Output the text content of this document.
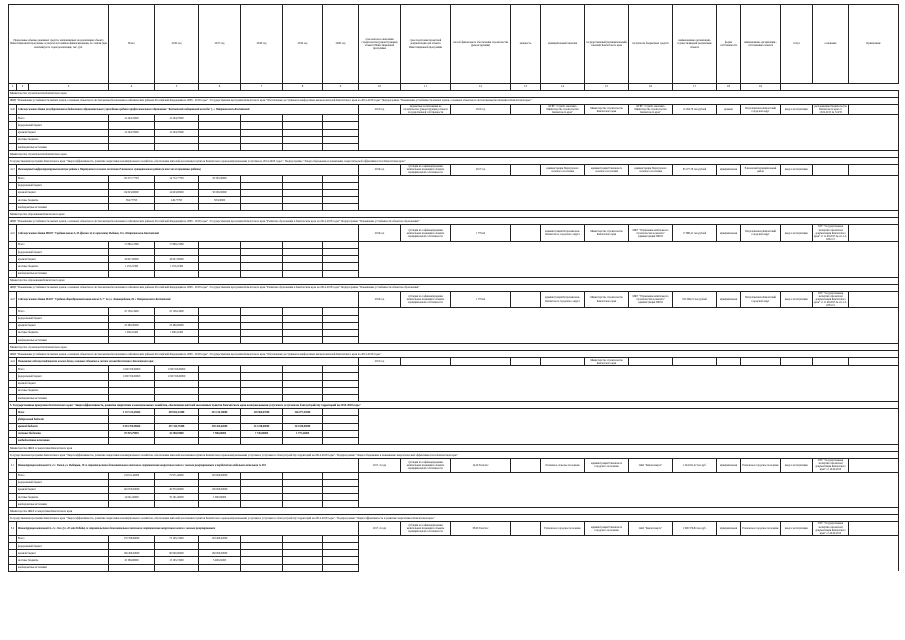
Предельные объемы денежных средств, направляемых на реализацию объекта Инвестиционной программы, в разрезе источников финансирования, по этапам (при наличии) и по годам реализации, тыс. руб.			Всего	2016 год	2017 год	2018 год	2019 год	2020 год	срок начала и окончания строительства (реконструкции) объекта Инвестиционной программы	срок подготовки проектной документации для объекта Инвестиционной программы	способ финансового обеспечения строительства (реконструкции)	мощность	муниципальный заказчик	государственный (муниципальный) заказчик Камчатского края	получатель бюджетных средств	наименование организации, осуществляющей реализацию объекта	форма собственности	наименование организации - собственника объекта	статус	основание	Примечание
1	2	3	4	5	6	7	8	9	10	11	12	13	14	15	16	17	18	19			
Министерство строительства Камчатского края																					
ФЦП "Повышение устойчивости жилых домов, основных объектов и систем жизнеобеспечения в сейсмических районах Российской Федерации на 2009 - 2018 годы" / Государственная программа Камчатского края "Обеспечение доступным и комфортным жильем жителей Камчатского края на 2014-2018 годы" Подпрограмма "Повышение устойчивости жилых домов, основных объектов и систем жизнеобеспечения в Камчатском крае"																					
4.20	Сейсмоусиление здания (государственного бюджетного образовательного учреждения среднего профессионального образования "Камчатский медицинский колледж"), г. Петропавловск-Камчатский								2015 год	бюджетные ассигнования на строительство (реконструкцию) объекта государственной собственности	2015 год		КГБУ "Служба заказчика Министерства строительства Камчатского края"	Министерство строительства Камчатского края	КГБУ "Служба заказчика Министерства строительства Камчатского края"	12 204,70 тыс.рублей	краевая	Петропавловск-Камчатский городской округ	ввод в эксплуатацию	распоряжение Правительства Камчатского края от 13.02.2015 № 72-РП	
	Всего		12 204,70000	12 204,70000																	
	федеральный бюджет																				
	краевой бюджет		12 204,70000	12 204,70000																	
	местные бюджеты																				
	внебюджетные источники																				
Министерство строительства Камчатского края																					
Государственная программа Камчатского края "Энергоэффективность, развитие энергетики и коммунального хозяйства, обеспечение жителей населенных пунктов Камчатского края коммунальными услугами на 2014-2018 годы" / Подпрограмма "Энергосбережение и повышение энергетической эффективности в Камчатском крае"																					
4.21	Инженерный инфраструктурный комплекс района в Паратунском сельском поселении Елизовского муниципального района (в том числе проектные работы)								2016 год	субсидия на софинансирование капитальных вложений в объекты муниципальной собственности	2017 год		администрация Паратунского сельского поселения	администрация Елизовского сельского поселения	администрация Паратунского сельского поселения	65 277,79 тыс.рублей	муниципальная	Елизовский муниципальный район	ввод в эксплуатацию		
	Всего		65 277,77793	14 772,77793	50 505,00000																
	федеральный бюджет																				
	краевой бюджет		64 623,00000	14 623,00000	50 000,00000																
	местные бюджеты		654,77793	149,77793	505,00000																
	внебюджетные источники																				
Министерство образования Камчатского края																					
ФЦП "Повышение устойчивости жилых домов, основных объектов и систем жизнеобеспечения в сейсмических районах Российской Федерации на 2009 - 2018 годы" / Государственная программа Камчатского края "Развитие образования в Камчатском крае на 2014-2018 годы" Подпрограмма "Повышение устойчивости объектов образования"																					
4.22	Сейсмоусиление здания МБОУ "Средняя школа № 33 (филиал 2) по проспекту Рыбаков, 16 г. Петропавловск-Камчатский								2016 год	субсидия на софинансирование капитальных вложений в объекты муниципальной собственности	1 779 м2		администрация Петропавловск-Камчатского городского округа	Министерство строительства Камчатского края	МКУ "Управление капитального строительства и ремонта" администрации ПКГО	17 880,21 тыс.рублей	муниципальная	Петропавловск-Камчатский городской округ	ввод в эксплуатацию	ГЛУ "Государственная экспертиза проектной документации Камчатского края" от 11.09.2015 № 41-1-5-0232-15	
	Всего		17 880,21380	17 880,21380																	
	федеральный бюджет																				
	краевой бюджет		16 627,00000	16 627,00000																	
	местные бюджеты		1 253,21380	1 253,21380																	
	внебюджетные источники																				
Министерство образования Камчатского края																					
ФЦП "Повышение устойчивости жилых домов, основных объектов и систем жизнеобеспечения в сейсмических районах Российской Федерации на 2009 - 2018 годы" / Государственная программа Камчатского края "Развитие образования в Камчатском крае на 2014-2018 годы" Подпрограмма "Повышение устойчивости объектов образования"																					
4.23	Сейсмоусиление здания МАОУ "Средняя общеобразовательная школа № 7" по ул. Ленинградская, 84 г. Петропавловск-Камчатский								2016 год	субсидия на софинансирование капитальных вложений в объекты муниципальной собственности	1 779 м2		администрация Петропавловск-Камчатского городского округа	Министерство строительства Камчатского края	МКУ "Управление капитального строительства и ремонта" администрации ПКГО	105 266,21 тыс.рублей	муниципальная	Петропавловск-Камчатский городской округ	ввод в эксплуатацию	ГЛУ "Государственная экспертиза проектной документации Камчатского края" от 11.09.2015 № 41-1-5-0233-15	
	Всего		25 136,21400	25 136,21400																	
	федеральный бюджет																				
	краевой бюджет		23 480,00000	23 480,00000																	
	местные бюджеты		1 656,21400	1 656,21400																	
	внебюджетные источники																				
Министерство строительства Камчатского края																					
ФЦП "Повышение устойчивости жилых домов, основных объектов и систем жизнеобеспечения в сейсмических районах Российской Федерации на 2009 - 2018 годы" / Государственная программа Камчатского края "Обеспечение доступным и комфортным жильем жителей Камчатского края на 2014-2018 годы"																					
4.24	Повышение сейсмоустойчивости жилых домов, основных объектов и систем жизнеобеспечения в Камчатском крае								2015 год					Министерство строительства Камчатского края							
	Всего		1 000 550,00000	1 000 550,00000																	
	федеральный бюджет		1 000 550,00000	1 000 550,00000																	
	краевой бюджет																				
	местные бюджеты																				
	внебюджетные источники																				
5. Государственная программа Камчатского края "Энергоэффективность, развитие энергетики и коммунального хозяйства, обеспечение жителей населенных пунктов Камчатского края коммунальными услугами и услугами по благоустройству территорий на 2014-2018 годы"																					
	Всего		2 172 123,43665	499 652,34408	351 134,18000	226 966,07000	346 077,42000														
	федеральный бюджет																				
	краевой бюджет		2 054 705,99660	457 343,79408	338 423,62000	213 238,00000	343 180,00000														
	местные бюджеты		87 815,79949	42 308,55000	7 586,00000	7 726,00000	1 775,42000														
	внебюджетные источники																				
Министерство ЖКХ и энергетики Камчатского края																					
Государственная программа Камчатского края "Энергоэффективность, развитие энергетики и коммунального хозяйства, обеспечение жителей населенных пунктов Камчатского края коммунальными услугами и услугами по благоустройству территорий на 2014-2018 годы" / Подпрограмма "Энергосбережение и повышение энергетической эффективности в Камчатском крае"																					
5.1	Реконструкция котельной № 2 с. Тигиль ул. Рыбацкая, 19 со строительством дополнительного теплового сопротивления нагрузочного котла с газовым резервированием и передачей на отдельном котельном № 363								2017, 4 года	субсидия на софинансирование капитальных вложений в объекты муниципальной собственности	14,20 Гкал/час		Паланское сельское поселение	администрация Елизовского городского поселения	ОАО "Камчатэнерго"	1 544 021,22 тыс.руб.	муниципальная	Елизовское городское поселение	ввод в эксплуатацию	ГЛУ "Государственная экспертиза проектной документации Камчатского края" от 14.04.2012	
	Всего		154 911,40000	75 971,40000	105 000,00000																
	федеральный бюджет																				
	краевой бюджет		140 870,00000	40 870,00000	100 000,00000																
	местные бюджеты		14 041,40000	35 101,40000	5 000,00000																
	внебюджетные источники																				
Министерство ЖКХ и энергетики Камчатского края																					
Государственная программа Камчатского края "Энергоэффективность, развитие энергетики и коммунального хозяйства, обеспечение жителей населенных пунктов Камчатского края коммунальными услугами и услугами по благоустройству территорий на 2014-2018 годы" / Подпрограмма "Энергоэффективность и развитие энергетики в Камчатском крае"																					
5.2	Реконструкция котельной № 4 с. Эссо (ул. 40 лет Победы) со строительством дополнительного теплового сопротивления нагрузочного котла с газовым резервированием								2017, 4 года	субсидия на софинансирование капитальных вложений в объекты муниципальной собственности	38,00 Гкал/час		Елизовское городское поселение	администрация Елизовского городского поселения	ОАО "Камчатэнерго"	1 906 370,84 тыс.руб.	муниципальная	Елизовское городское поселение	ввод в эксплуатацию	ГЛУ "Государственная экспертиза проектной документации Камчатского края" от 24.04.2012	
	Всего		170 766,96000	73 165,72000	163 400,02000																
	федеральный бюджет																				
	краевой бюджет		160 400,00000	60 000,00000	160 000,00000																
	местные бюджеты		10 366,96000	13 165,72000	3 400,02000																
	внебюджетные источники																				
